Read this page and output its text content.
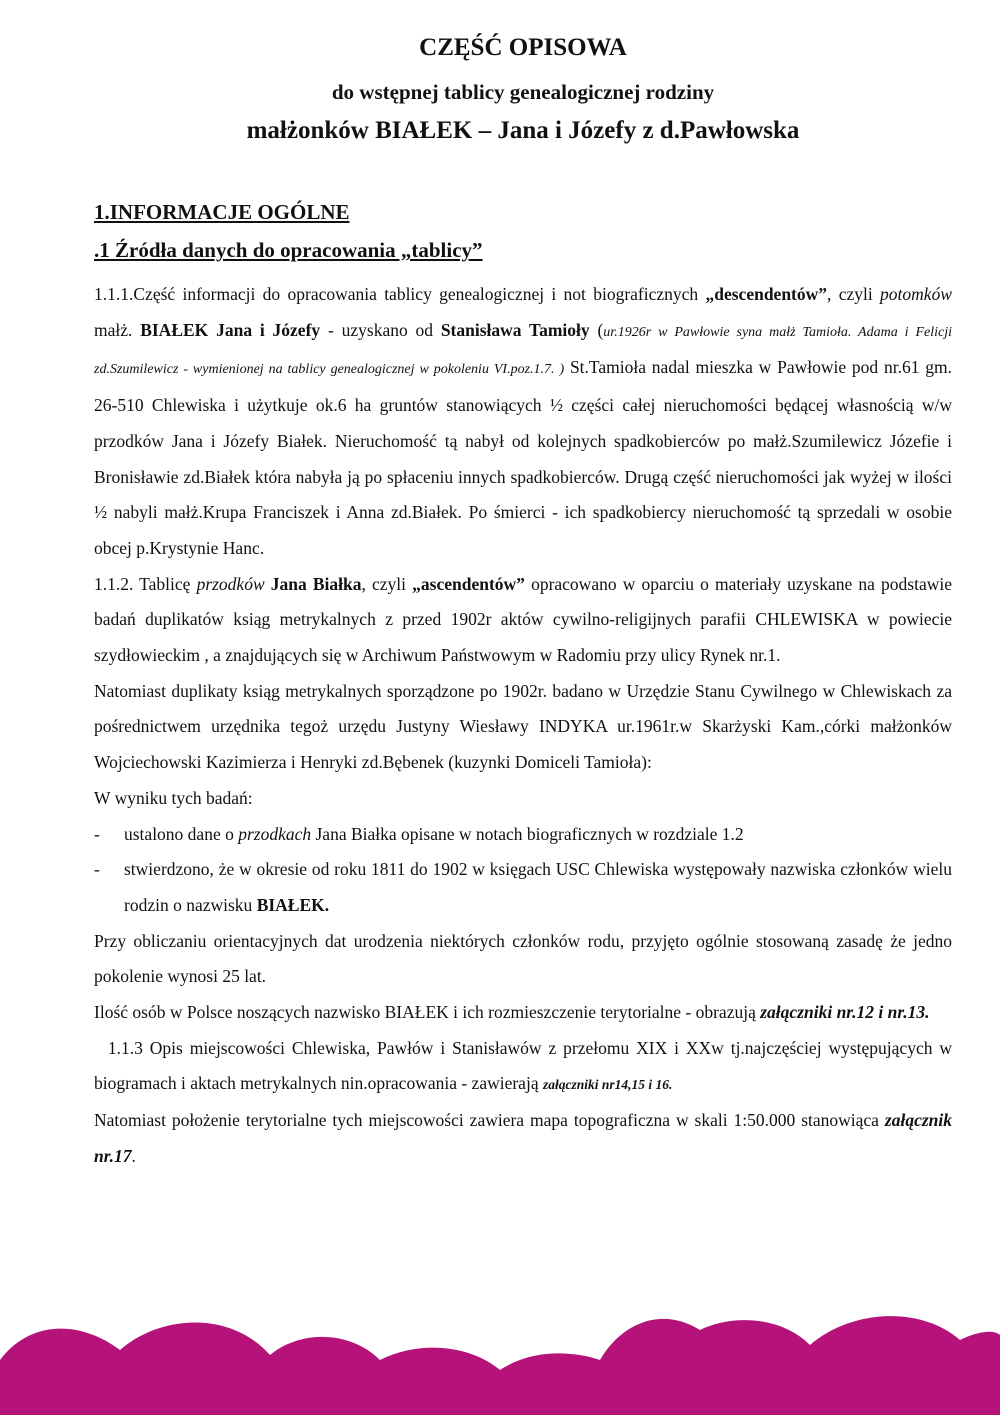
CZĘŚĆ OPISOWA
do wstępnej tablicy genealogicznej rodziny
małżonków BIAŁEK – Jana i Józefy z d.Pawłowska
1.INFORMACJE OGÓLNE
.1 Źródła danych do opracowania „tablicy”

1.1.1.Część informacji do opracowania tablicy genealogicznej i not biograficznych „descendentów”, czyli potomków małż. BIAŁEK Jana i Józefy - uzyskano od Stanisława Tamioły (ur.1926r w Pawłowie syna małż Tamioła. Adama i Felicji zd.Szumilewicz - wymienionej na tablicy genealogicznej w pokoleniu VI.poz.1.7. ) St.Tamioła nadal mieszka w Pawłowie pod nr.61 gm. 26-510 Chlewiska i użytkuje ok.6 ha gruntów stanowiących ½ części całej nieruchomości będącej własnością w/w przodków Jana i Józefy Białek. Nieruchomość tą nabył od kolejnych spadkobierców po małż.Szumilewicz Józefie i Bronisławie zd.Białek która nabyła ją po spłaceniu innych spadkobierców. Drugą część nieruchomości jak wyżej w ilości ½ nabyli małż.Krupa Franciszek i Anna zd.Białek. Po śmierci - ich spadkobiercy nieruchomość tą sprzedali w osobie obcej p.Krystynie Hanc.

1.1.2. Tablicę przodków Jana Białka, czyli „ascendentów” opracowano w oparciu o materiały uzyskane na podstawie badań duplikatów ksiąg metrykalnych z przed 1902r aktów cywilno-religijnych parafii CHLEWISKA w powiecie szydłowieckim , a znajdujących się w Archiwum Państwowym w Radomiu przy ulicy Rynek nr.1.

Natomiast duplikaty ksiąg metrykalnych sporządzone po 1902r. badano w Urzędzie Stanu Cywilnego w Chlewiskach za pośrednictwem urzędnika tegoż urzędu Justyny Wiesławy INDYKA ur.1961r.w Skarżyski Kam.,córki małżonków Wojciechowski Kazimierza i Henryki zd.Bębenek (kuzynki Domiceli Tamioła):

W wyniku tych badań:

-	ustalono dane o przodkach Jana Białka opisane w notach biograficznych w rozdziale 1.2
-	stwierdzono, że w okresie od roku 1811 do 1902 w księgach USC Chlewiska występowały nazwiska członków wielu rodzin o nazwisku BIAŁEK.

Przy obliczaniu orientacyjnych dat urodzenia niektórych członków rodu, przyjęto ogólnie stosowaną zasadę że jedno pokolenie wynosi 25 lat.

Ilość osób w Polsce noszących nazwisko BIAŁEK i ich rozmieszczenie terytorialne - obrazują załączniki nr.12 i nr.13.

1.1.3 Opis miejscowości Chlewiska, Pawłów i Stanisławów z przełomu XIX i XXw tj.najczęściej występujących w biogramach i aktach metrykalnych nin.opracowania - zawierają załączniki nr14,15 i 16.

Natomiast położenie terytorialne tych miejscowości zawiera mapa topograficzna w skali 1:50.000 stanowiąca załącznik nr.17.
